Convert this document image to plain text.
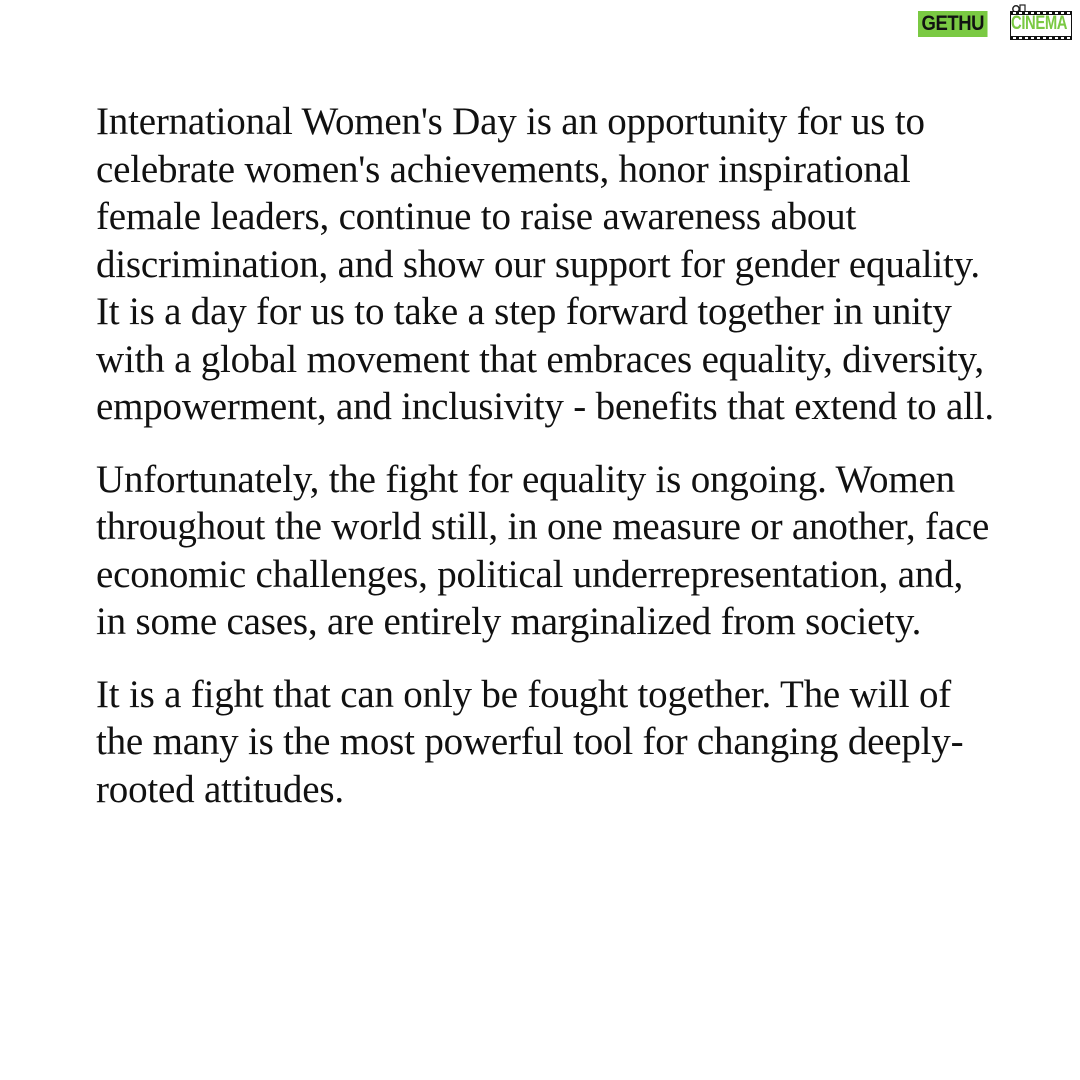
GETHU CINEMA

International Women's Day is an opportunity for us to celebrate women's achievements, honor inspirational female leaders, continue to raise awareness about discrimination, and show our support for gender equality. It is a day for us to take a step forward together in unity with a global movement that embraces equality, diversity, empowerment, and inclusivity - benefits that extend to all.

Unfortunately, the fight for equality is ongoing. Women throughout the world still, in one measure or another, face economic challenges, political underrepresentation, and, in some cases, are entirely marginalized from society.

It is a fight that can only be fought together. The will of the many is the most powerful tool for changing deeply-rooted attitudes.
